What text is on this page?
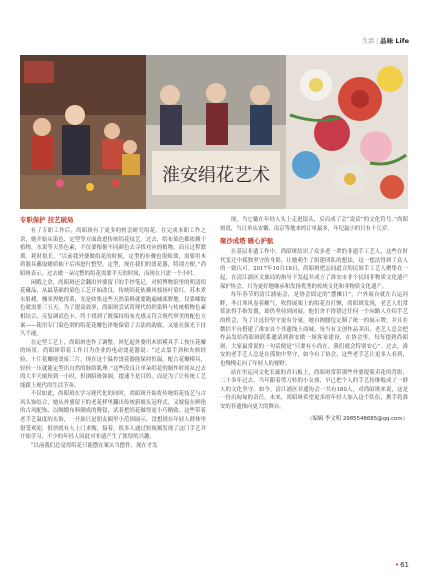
生活 | 品味 Life
淮安绢花艺术
专职保护 技艺破局

有了专职工作后，尚昭斑有了更多的机会研究绢花。在完成本职工作之余，她开始从染色、定型等方面改进传统绢花技艺。过去，绢布染色都依赖于植物，水果等天然色素，不仅要根据不同颜色去寻找对应的植物，而且过程繁琐。耗时很长。“以前我外婆做绢花的时候，定型的步骤也很烦琐，需要用木质器具蘸取蜡质抽干后再进行整型、定型，现在我们的烫花器，特别方便。”尚昭斑表示，过去做一朵完整的绢花需要半天的时间，而现在只需一个小时。

闲暇之余，尚昭斑还会翻出外婆留下的手抄笔记，对照博物馆里的明清绢花藏品，从最基础的染色工艺开始改良。传统绢花依赖风枝扬叶染红，苏木煮水射赭，槐米捏炮得黄，光是收集这些天然染料就要跑遍城郊野地。仅靠嗦取色就需要三五天。为了提高效率，尚昭斑尝试将现代的织染料与传统植物色素相结合，反复调试色卡，终于找到了既保持绢布光感又符合现代审美的配色方案——使用专门染色剂的绢花花瓣色泽饱保留了古法的韵致，又能在强光下持久不褪。

在定型工艺上，尚昭斑也作了调整。回忆起外婆用木质模具手工按压花瓣的场景，尚昭斑带着工作日为企业的电动烫花器说：“过去靠手劲和火候经验，十片花瓣能烫废三片，现在这个温控烫花器能保持恒温，配合花瓣模具，轻轻一压就能定型出自然的脉络肌理。”这些改良让单朵绢花的制作时间从过去的大半天缩短到一小时，但浏昭斑强调，提速不是目的，而是为了让传统工艺能跟上现代的生活节奏。

不仅如此，尚昭斑在学习现代化的同时，尚昭斑开始将传统绢花技艺与古风头饰结合，她从外婆留下的老花样里翻出传统新娘头冠样式，又嫁接在鲜艳的古风配饰、以绸缎布料制成的簪钗，试着把绢花做得更小巧精致。这些带着老手艺温度的头饰，一开始只是朋友圈里小范围展示，没想到在年轻人群体里很受欢迎，很快就有人上门求购，接着，很多人通过短视频发现了这门手艺并开始学习，不少的年轻人因此对非遗产生了浓厚的兴趣。

“以前我们总觉得绢花只能摆在案头当摆件，现在才发

现，当它戴在年轻人头上走进镜头，反而成了会“说话”的文化符号。”尚昭斑说，当日单从安徽、南京等地来的订单最多，年纪最小的只有十几岁。

聚沙成塔 暖心护航

在基层非遗工作中，尚昭斑结识了众多老一辈的非遗手工艺人，这些在时代变迁中孤独坚守的身影，让她萌生了组建团队的想法，这一想法得到了众人的一致认可。2017年10月18日，尚昭斑把志同道合的民间手工艺人聚集在一起，在清江浦区文旅局的指导下发起并成立了淮安市非个民间非物质文化遗产保护协会，只为更好地继承和发扬优秀的传统文化和非物质文化遗产。

每年春节的清江浦庙会，是协会固定的“摆摊日”，户外展台就在古运河畔，冬日寒风卷着糖气，吹得展架上的绢花直打颤，尚昭斑发现，老艺人们常常冻得手指发僵，却仍坚持到闭展，他们舍不得错过任何一个向路人介绍手艺的机会，为了让这份坚守更有分量，她自掏腰包定制了统一的展示牌，并且在微信平台搭建了淮安首个非遗线上商城，每当有文创作品卖出，老艺人总会把作品发给尚昭斑联系邀请到淮安做一场客家建设，在协会里，每每提到尚昭斑，大家最常说的一句话便是“只要有小尚在，我们就会特别安心”。过去，淮安的老手艺人总是在孤独中坚守，如今有了协会，这些老手艺让更多人看到，也慢慢走向了年轻人的视野。

站在里运河文化长廊的青石板上，尚昭斑常带那些外婆提篮卖花的背影，二十多年过去，当年跟着剪刀转的小女孩，早已把个人的手艺传继般成了一群人的文化坚守。如今，清江浦区非遗协会一共有180人，对尚昭斑来说，这是一份沉甸甸的责任。未来，尚昭斑希望更多的年轻人加入这个队伍，携手将淮安的非遗推向更大的舞台。

（编辑 李文明 2985548685@qq.com）
•61
